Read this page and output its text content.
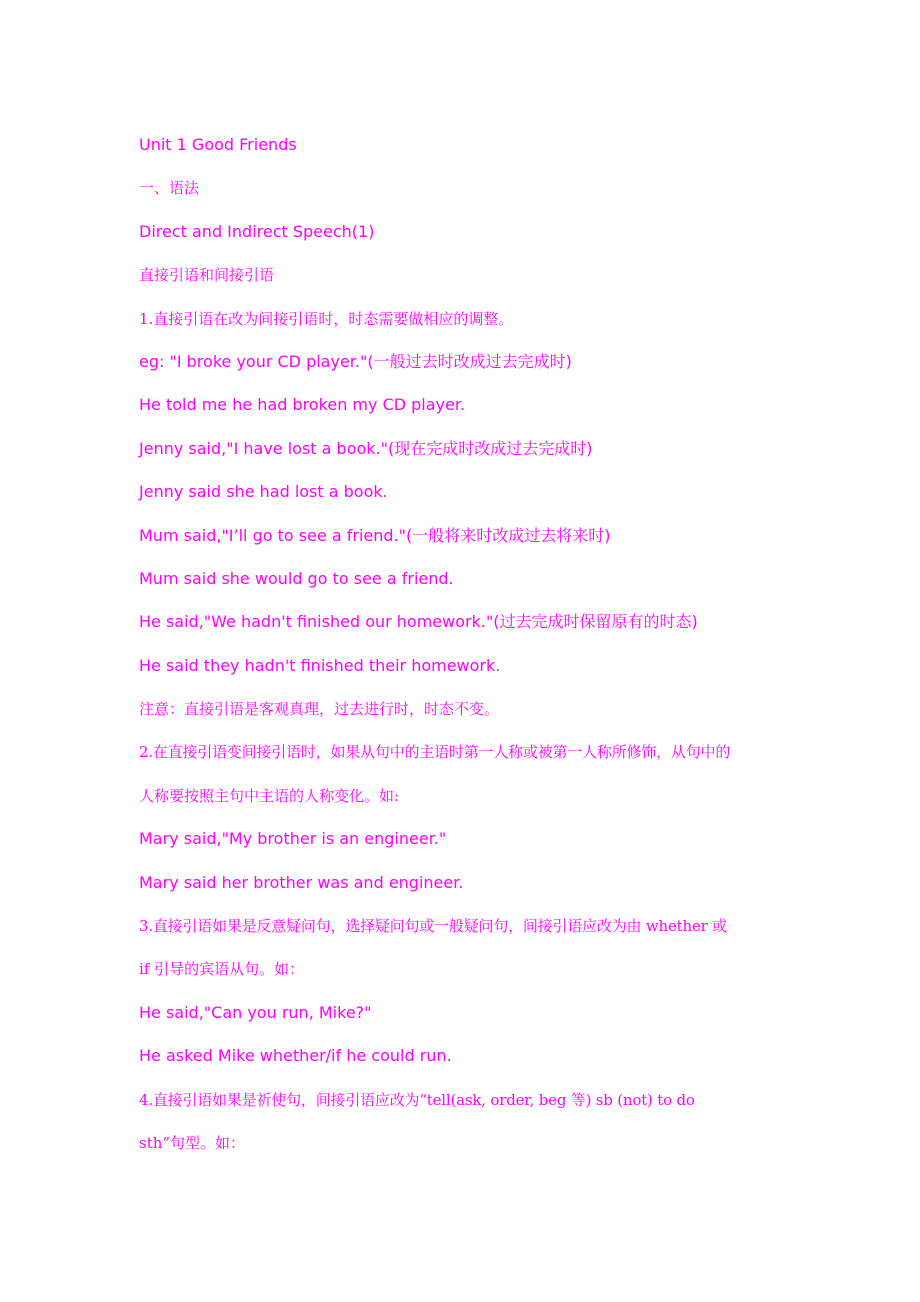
Unit 1 Good Friends
一、语法
Direct and Indirect Speech(1)
直接引语和间接引语
1.直接引语在改为间接引语时，时态需要做相应的调整。
eg: "I broke your CD player."(一般过去时改成过去完成时)
He told me he had broken my CD player.
Jenny said,"I have lost a book."(现在完成时改成过去完成时)
Jenny said she had lost a book.
Mum said,"I’ll go to see a friend."(一般将来时改成过去将来时)
Mum said she would go to see a friend.
He said,"We hadn't finished our homework."(过去完成时保留原有的时态)
He said they hadn't finished their homework.
注意：直接引语是客观真理，过去进行时，时态不变。
2.在直接引语变间接引语时，如果从句中的主语时第一人称或被第一人称所修饰，从句中的
人称要按照主句中主语的人称变化。如:
Mary said,"My brother is an engineer."
Mary said her brother was and engineer.
3.直接引语如果是反意疑问句，选择疑问句或一般疑问句，间接引语应改为由 whether 或
if 引导的宾语从句。如：
He said,"Can you run, Mike?"
He asked Mike whether/if he could run.
4.直接引语如果是祈使句，间接引语应改为“tell(ask, order, beg 等) sb (not) to do
sth”句型。如：
